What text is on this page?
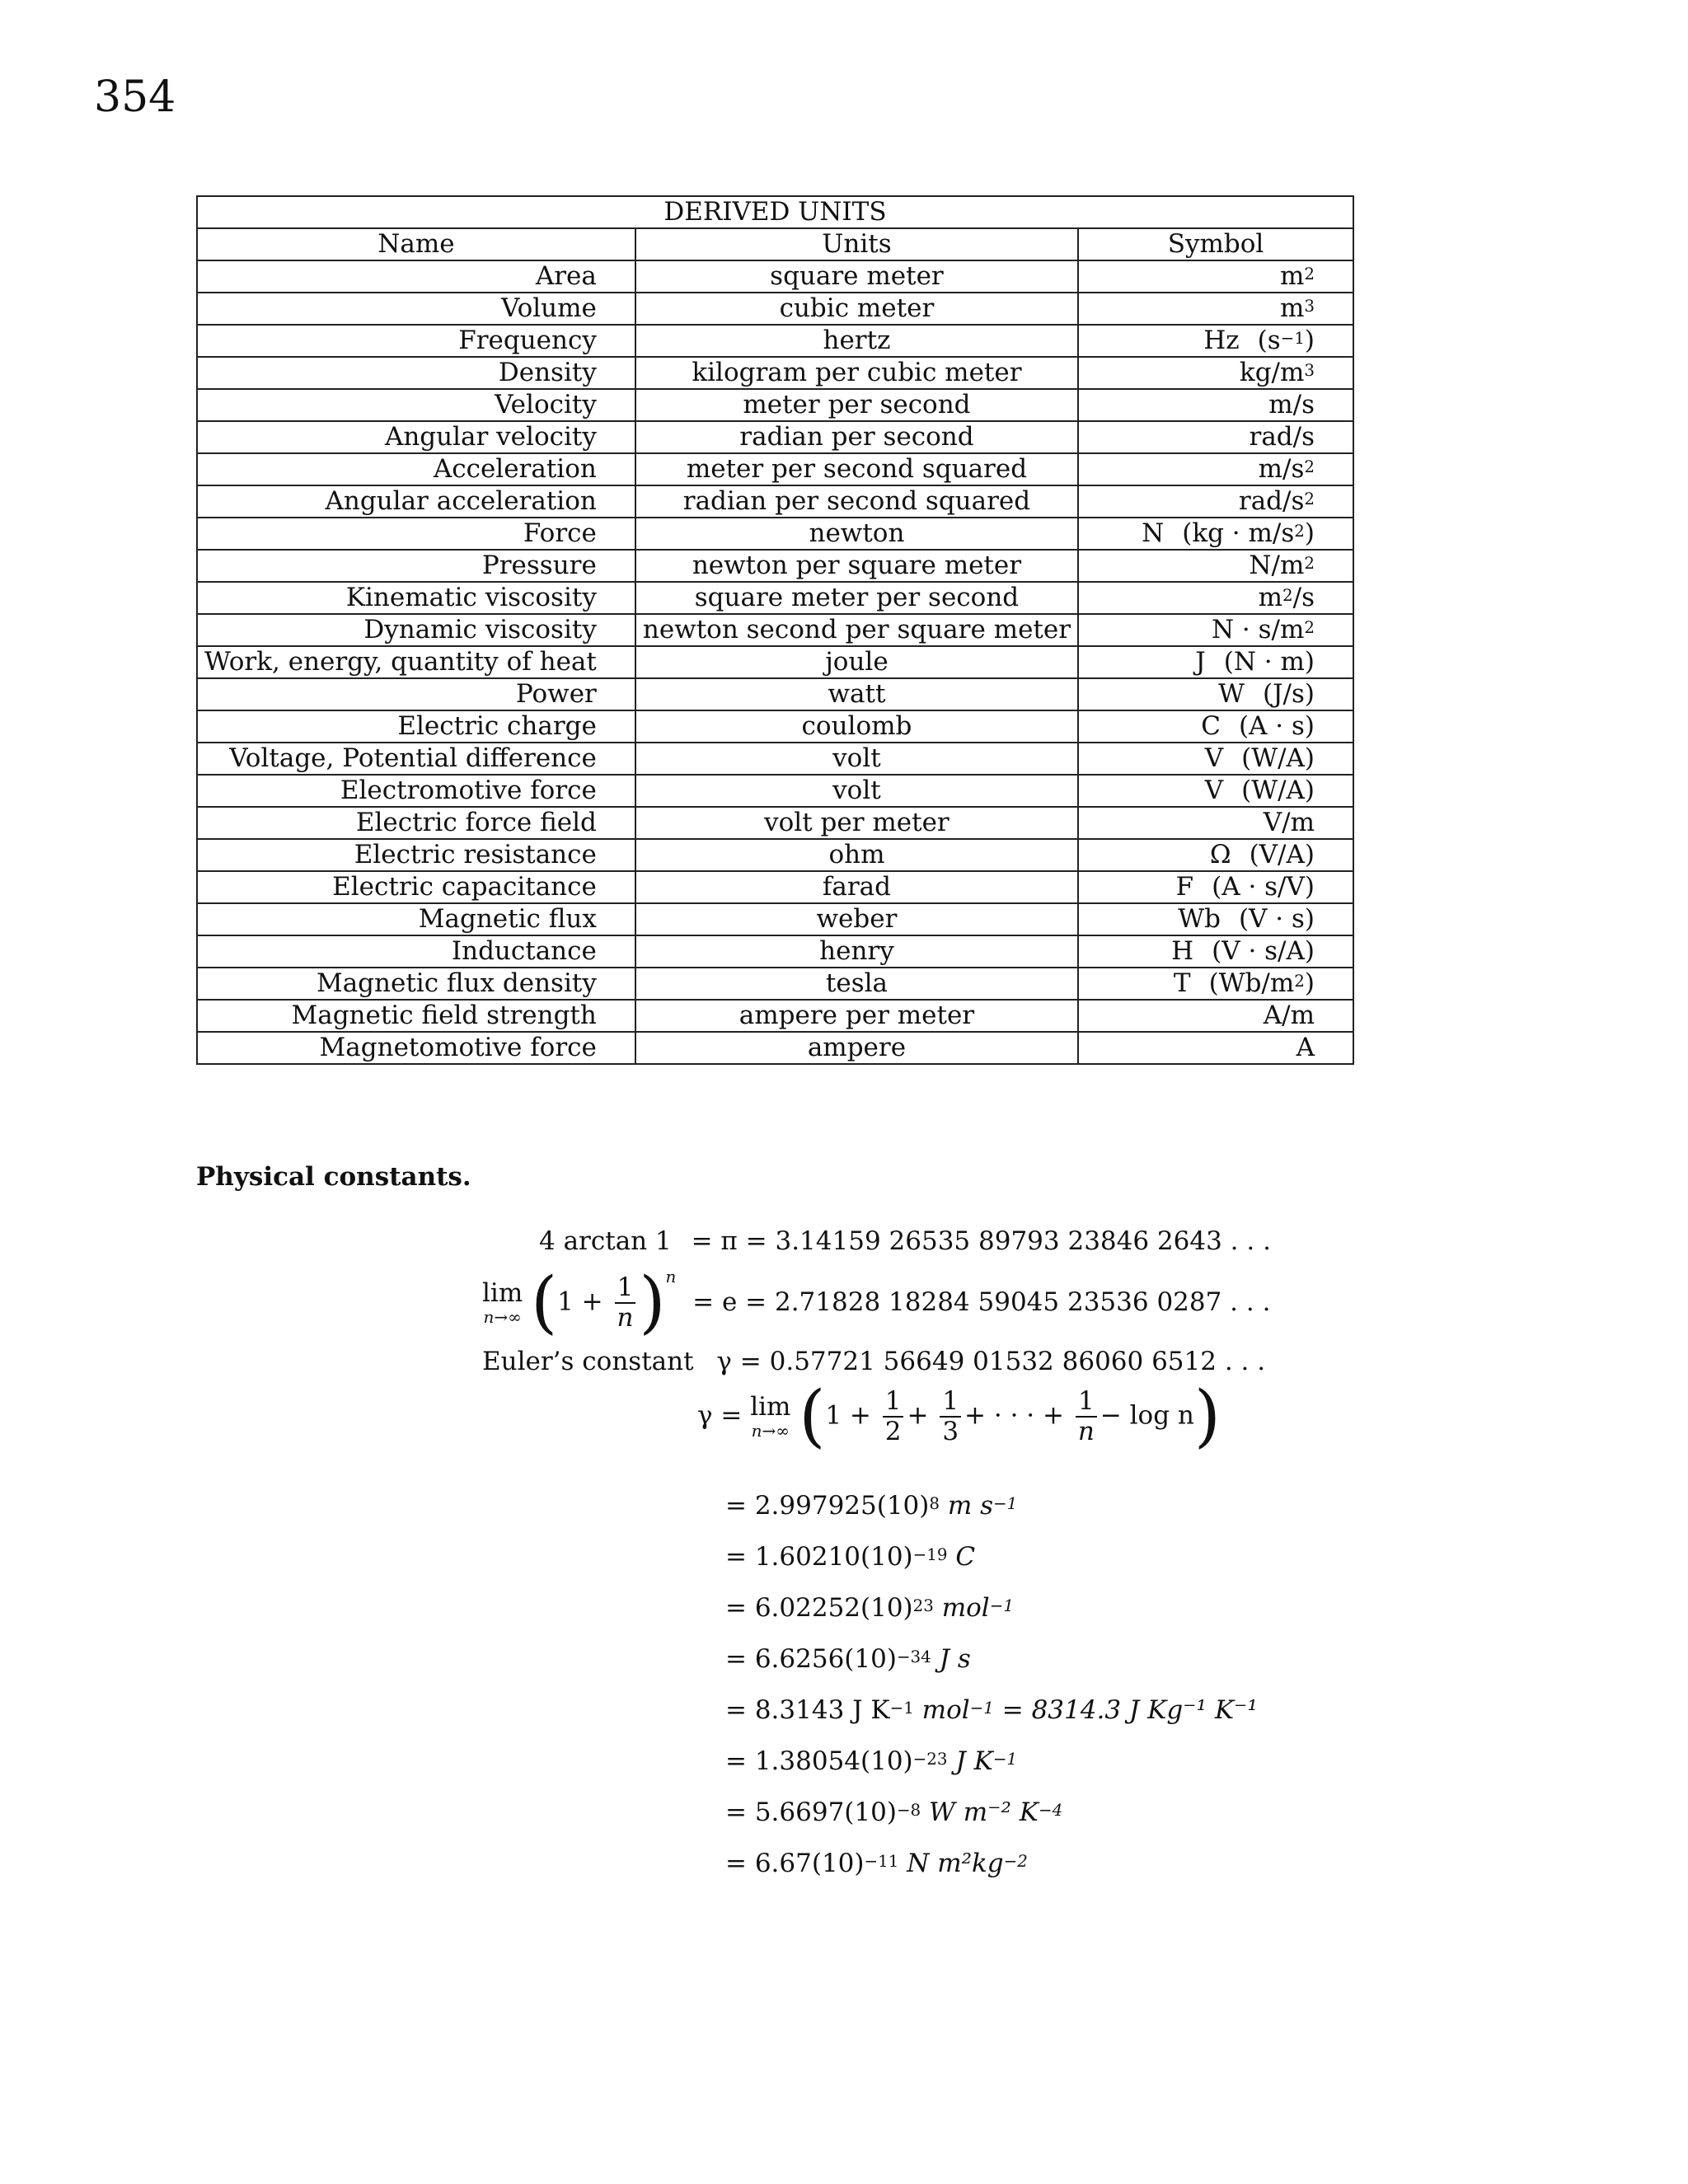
354
DERIVED UNITS		
Name	Units	Symbol
Area	square meter	$m^2$
Volume	cubic meter	$m^3$
Frequency	hertz	Hz $(s^{-1})$
Density	kilogram per cubic meter	$kg/m^3$
Velocity	meter per second	m/s
Angular velocity	radian per second	rad/s
Acceleration	meter per second squared	$m/s^2$
Angular acceleration	radian per second squared	rad/$s^2$
Force	newton	N $(kg \cdot m/s^2)$
Pressure	newton per square meter	$N/m^2$
Kinematic viscosity	square meter per second	$m^2/s$
Dynamic viscosity	newton second per square meter	$N \cdot s/m^2$
Work, energy, quantity of heat	joule	J (N · m)
Power	watt	W (J/s)
Electric charge	coulomb	C (A · s)
Voltage, Potential difference	volt	V (W/A)
Electromotive force	volt	V (W/A)
Electric force field	volt per meter	V/m
Electric resistance	ohm	Ω (V/A)
Electric capacitance	farad	F (A · s/V)
Magnetic flux	weber	Wb (V · s)
Inductance	henry	H (V · s/A)
Magnetic flux density	tesla	T $(Wb/m^2)$
Magnetic field strength	ampere per meter	A/m
Magnetomotive force	ampere	A
Physical constants.
4 arctan 1 = π = 3.14159 26535 89793 23846 2643 . . .
lim
n→∞ $(1 + \frac{1}{n} )^n = e = 2.71828$ 18284 59045 23536 0287 . . .
Euler’s constant γ = 0.57721 56649 01532 86060 6512 . . .
γ = lim
n→∞ ($1 + \frac{1}{2} + \frac{1}{3}$ + · · · + $\frac{1}{n} - \log n$)
= $2.997925(10)^8$ m $s^{-1}$
= $1.60210(10)^{-19}$ C
= $6.02252(10)^{23}$ mol$^{-1}$
= $6.6256(10)^{-34}$ J s
= 8.3143 J $K^{-1}$ mol$^{-1}$ = 8314.3 J Kg⁻¹ K⁻¹
= $1.38054(10)^{-23}$ J $K^{-1}$
= $5.6697(10)^{-8}$ W m⁻² $K^{-4}$
= $6.67(10)^{-11}$ N $m^2kg^{-2}$
